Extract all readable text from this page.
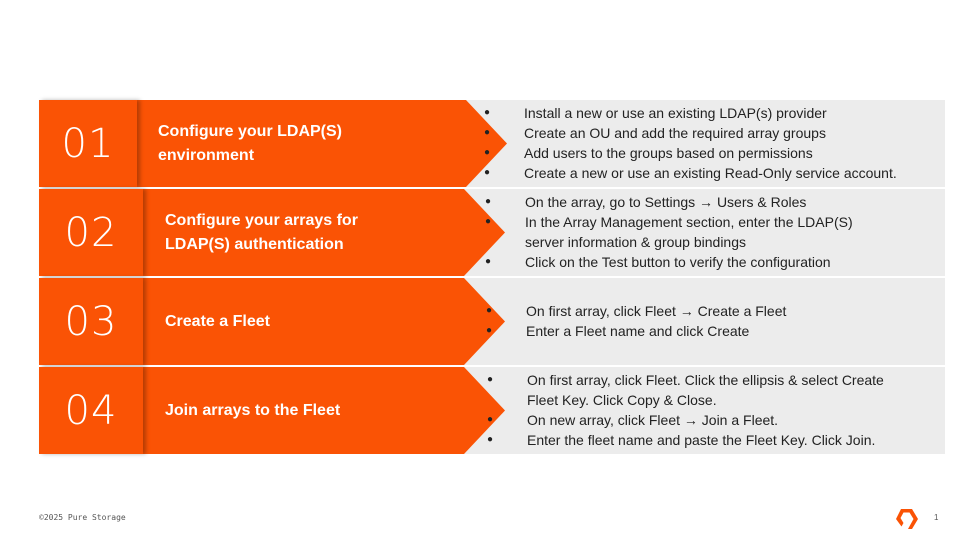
01	Configure your LDAP(S)
environment
● Install a new or use an existing LDAP(s) provider
● Create an OU and add the required array groups
● Add users to the groups based on permissions
● Create a new or use an existing Read-Only service account.
02	Configure your arrays for
LDAP(S) authentication
● On the array, go to Settings → Users & Roles
● In the Array Management section, enter the LDAP(S) server information & group bindings
● Click on the Test button to verify the configuration
03	Create a Fleet
● On first array, click Fleet → Create a Fleet
● Enter a Fleet name and click Create
04	Join arrays to the Fleet
● On first array, click Fleet. Click the ellipsis & select Create Fleet Key. Click Copy & Close.
● On new array, click Fleet → Join a Fleet.
● Enter the fleet name and paste the Fleet Key. Click Join.
©2025 Pure Storage	1
